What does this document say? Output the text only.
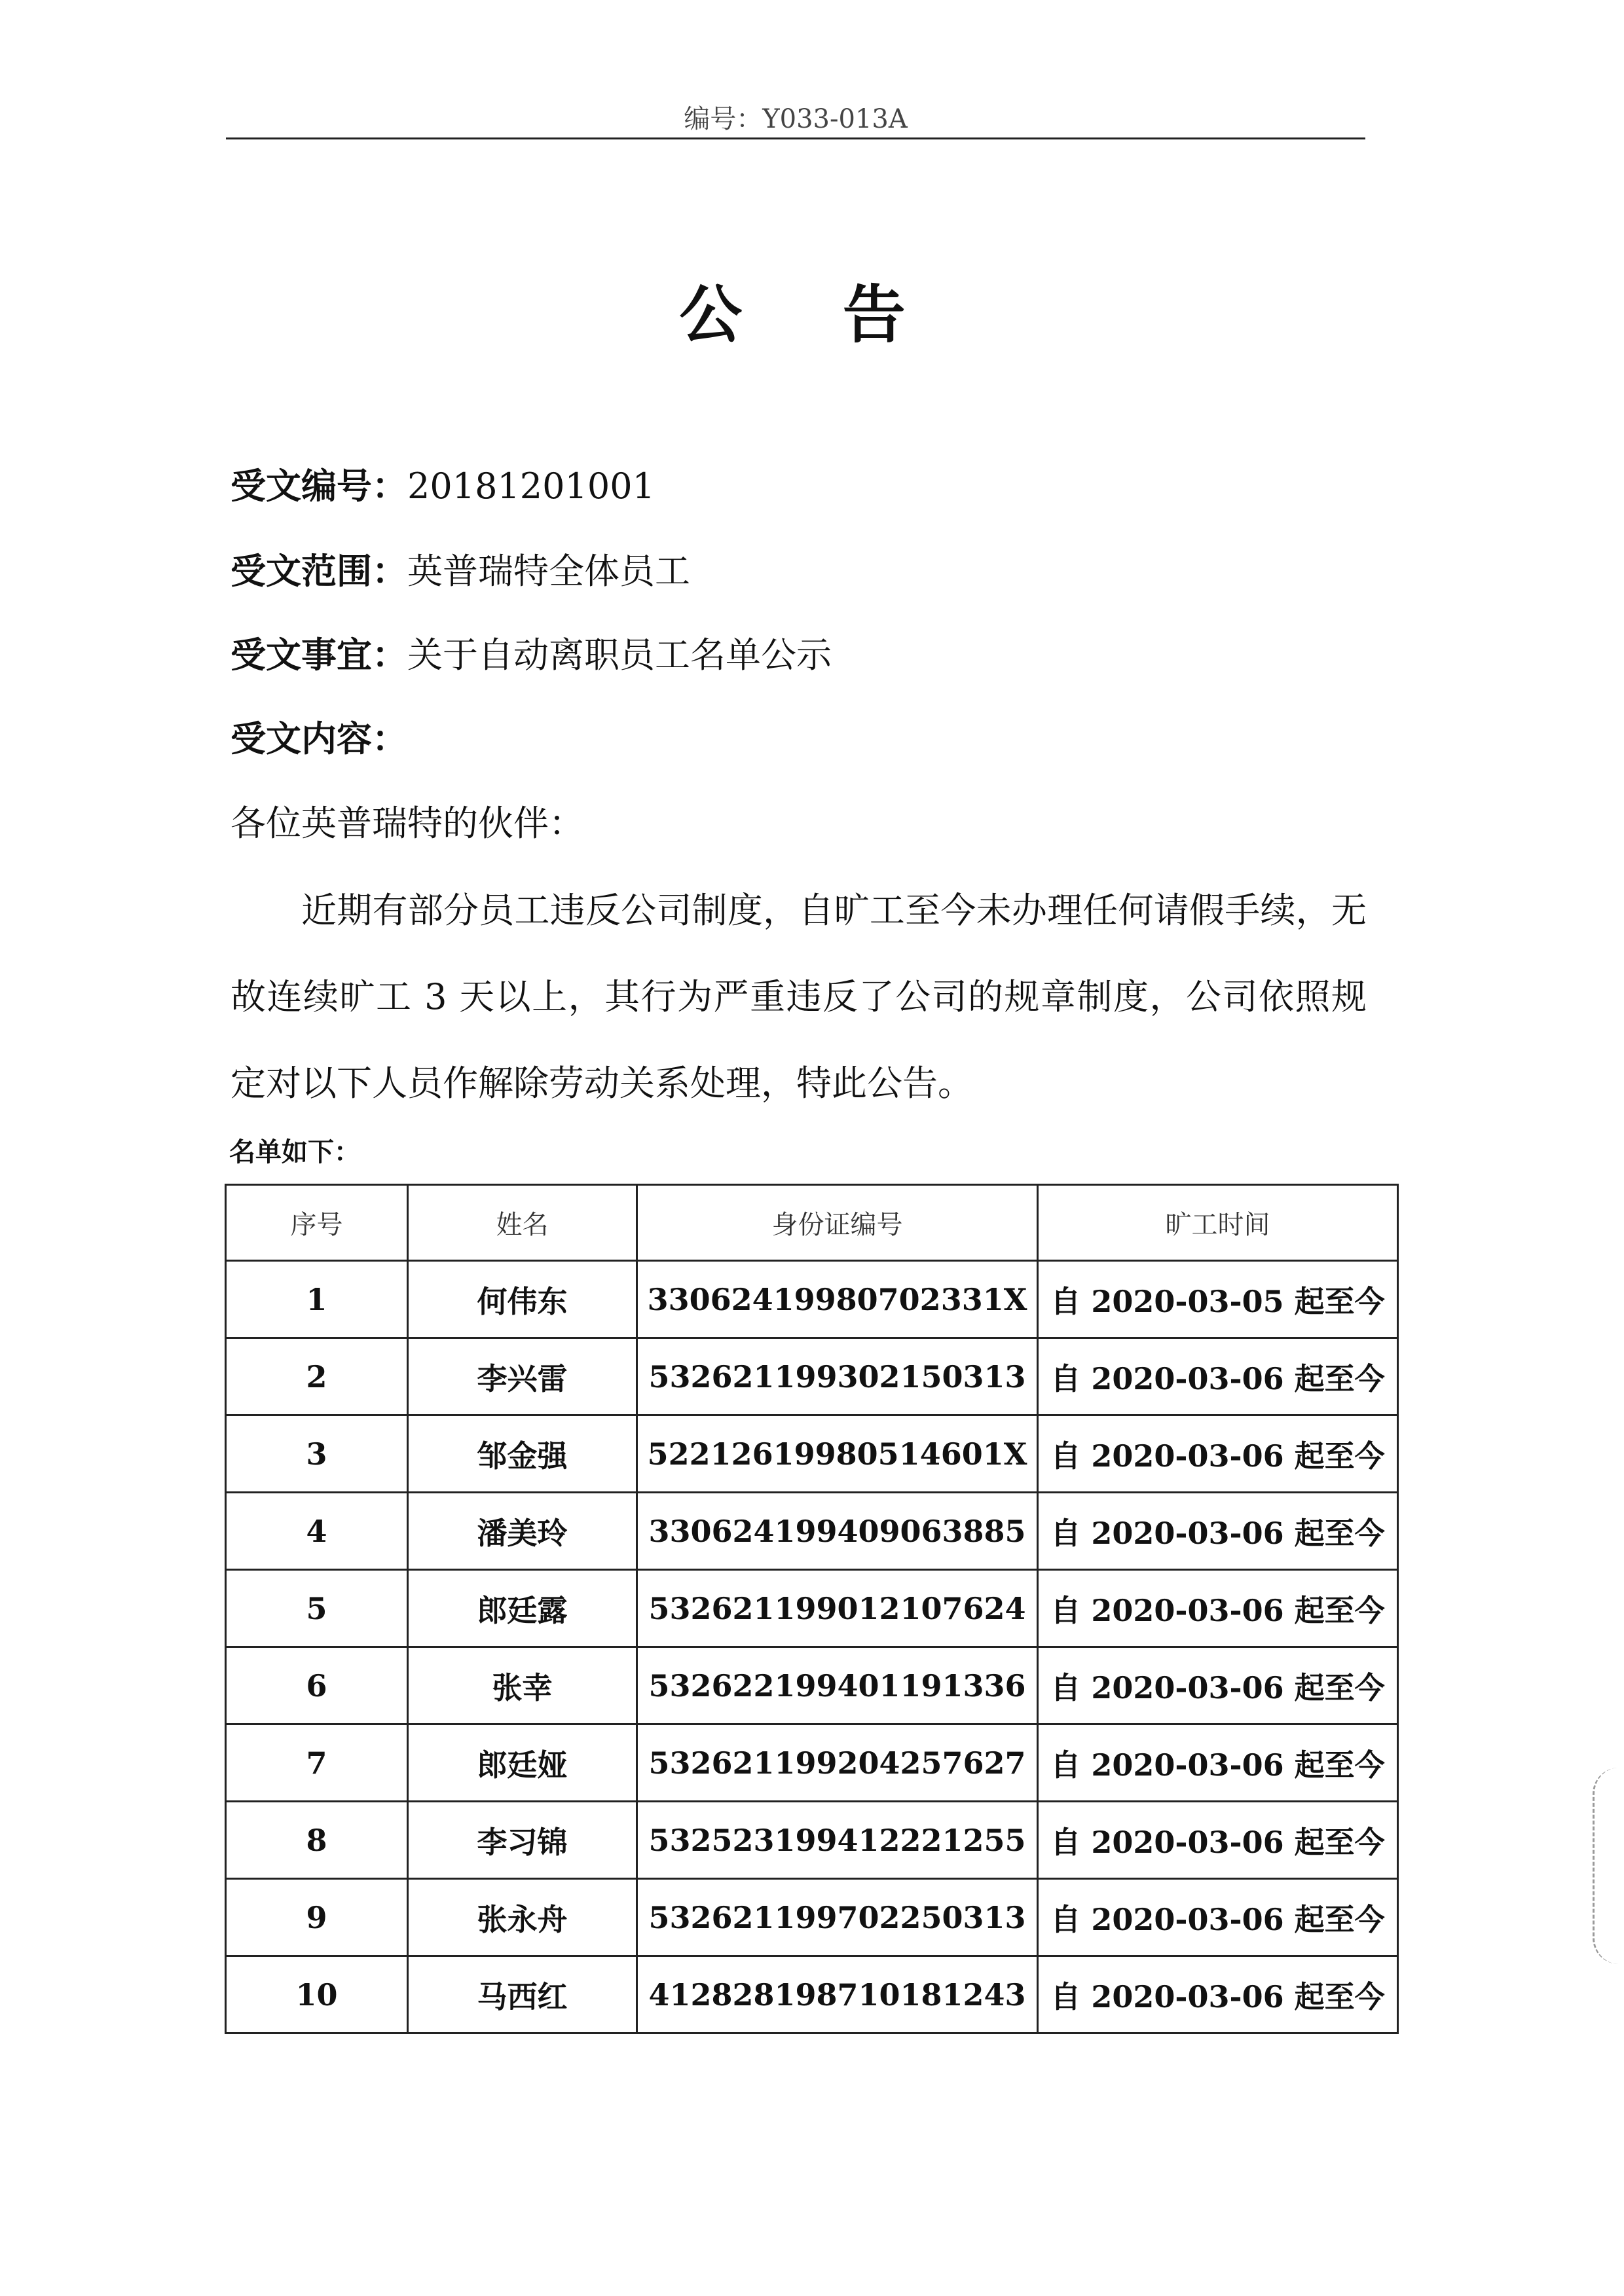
编号：Y033-013A
公 告
受文编号：20181201001
受文范围：英普瑞特全体员工
受文事宜：关于自动离职员工名单公示
受文内容：
各位英普瑞特的伙伴：
近期有部分员工违反公司制度，自旷工至今未办理任何请假手续，无故连续旷工 3 天以上，其行为严重违反了公司的规章制度，公司依照规定对以下人员作解除劳动关系处理，特此公告。
名单如下：
序号	姓名	身份证编号	旷工时间
1	何伟东	33062419980702331X	自 2020-03-05 起至今
2	李兴雷	532621199302150313	自 2020-03-06 起至今
3	邹金强	52212619980514601X	自 2020-03-06 起至今
4	潘美玲	330624199409063885	自 2020-03-06 起至今
5	郎廷露	532621199012107624	自 2020-03-06 起至今
6	张幸	532622199401191336	自 2020-03-06 起至今
7	郎廷娅	532621199204257627	自 2020-03-06 起至今
8	李习锦	532523199412221255	自 2020-03-06 起至今
9	张永舟	532621199702250313	自 2020-03-06 起至今
10	马西红	412828198710181243	自 2020-03-06 起至今
